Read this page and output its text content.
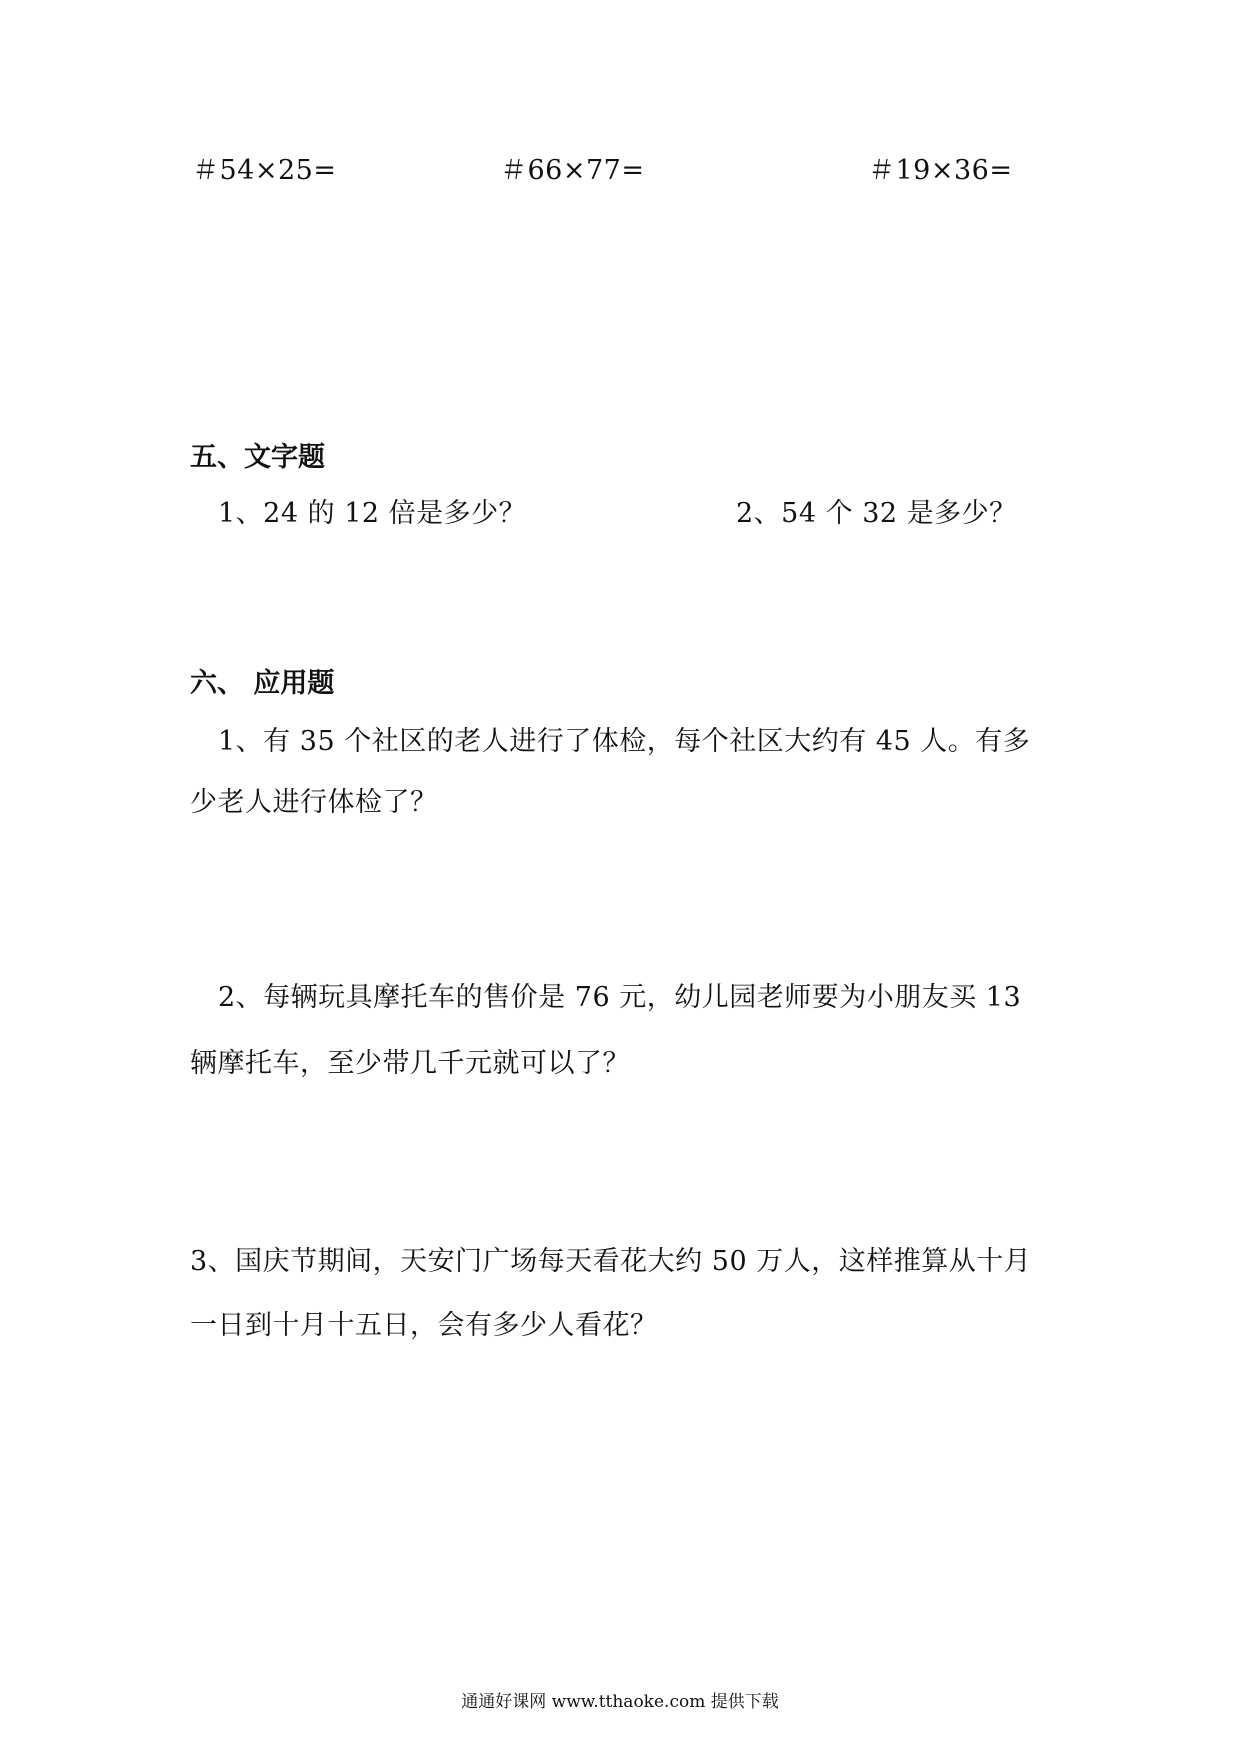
＃54×25=	＃66×77=	＃19×36=
五、文字题
1、24 的 12 倍是多少？	2、54 个 32 是多少？
六、 应用题
1、有 35 个社区的老人进行了体检，每个社区大约有 45 人。有多
少老人进行体检了？
2、每辆玩具摩托车的售价是 76 元，幼儿园老师要为小朋友买 13
辆摩托车，至少带几千元就可以了？
3、国庆节期间，天安门广场每天看花大约 50 万人，这样推算从十月
一日到十月十五日，会有多少人看花？
通通好课网 www.tthaoke.com 提供下载
